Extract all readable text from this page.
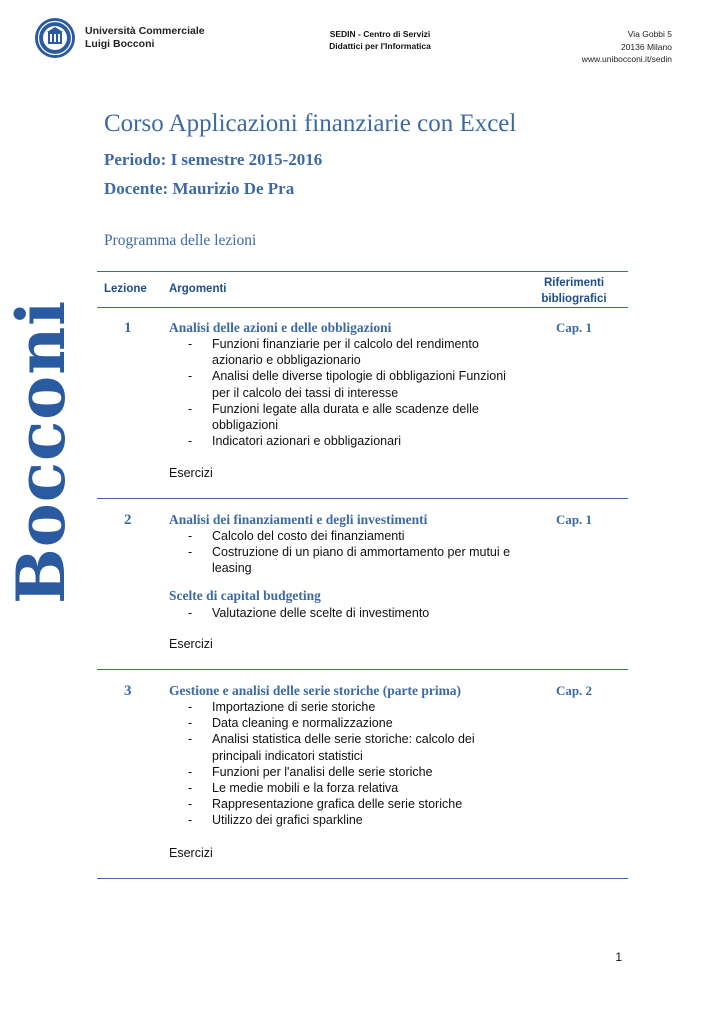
Università Commerciale
Luigi Bocconi
SEDIN - Centro di Servizi
Didattici per l'Informatica
Via Gobbi 5
20136 Milano
www.unibocconi.it/sedin
Bocconi
Corso Applicazioni finanziarie con Excel
Periodo: I semestre 2015-2016
Docente: Maurizio De Pra
Programma delle lezioni
Lezione Argomenti	Riferimenti
bibliografici
1	Analisi delle azioni e delle obbligazioni	Cap. 1
- Funzioni finanziarie per il calcolo del rendimento azionario e obbligazionario
- Analisi delle diverse tipologie di obbligazioni Funzioni per il calcolo dei tassi di interesse
- Funzioni legate alla durata e alle scadenze delle obbligazioni
- Indicatori azionari e obbligazionari
Esercizi
2	Analisi dei finanziamenti e degli investimenti	Cap. 1
- Calcolo del costo dei finanziamenti
- Costruzione di un piano di ammortamento per mutui e leasing
Scelte di capital budgeting
- Valutazione delle scelte di investimento
Esercizi
3	Gestione e analisi delle serie storiche (parte prima)	Cap. 2
- Importazione di serie storiche
- Data cleaning e normalizzazione
- Analisi statistica delle serie storiche: calcolo dei principali indicatori statistici
- Funzioni per l'analisi delle serie storiche
- Le medie mobili e la forza relativa
- Rappresentazione grafica delle serie storiche
- Utilizzo dei grafici sparkline
Esercizi
1
